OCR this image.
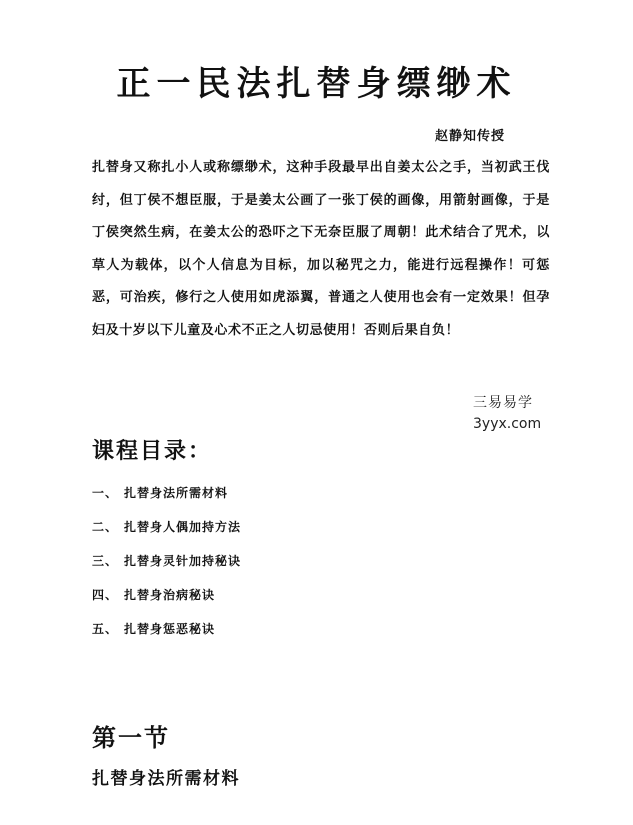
正一民法扎替身缥缈术
赵静知传授

扎替身又称扎小人或称缥缈术，这种手段最早出自姜太公之手，当初武王伐纣，但丁侯不想臣服，于是姜太公画了一张丁侯的画像，用箭射画像，于是丁侯突然生病，在姜太公的恐吓之下无奈臣服了周朝！此术结合了咒术，以草人为载体，以个人信息为目标，加以秘咒之力，能进行远程操作！可惩恶，可治疾，修行之人使用如虎添翼，普通之人使用也会有一定效果！但孕妇及十岁以下儿童及心术不正之人切忌使用！否则后果自负！

三易易学
3yyx.com
课程目录：
一、 扎替身法所需材料
二、 扎替身人偶加持方法
三、 扎替身灵针加持秘诀
四、 扎替身治病秘诀
五、 扎替身惩恶秘诀
第一节
扎替身法所需材料
